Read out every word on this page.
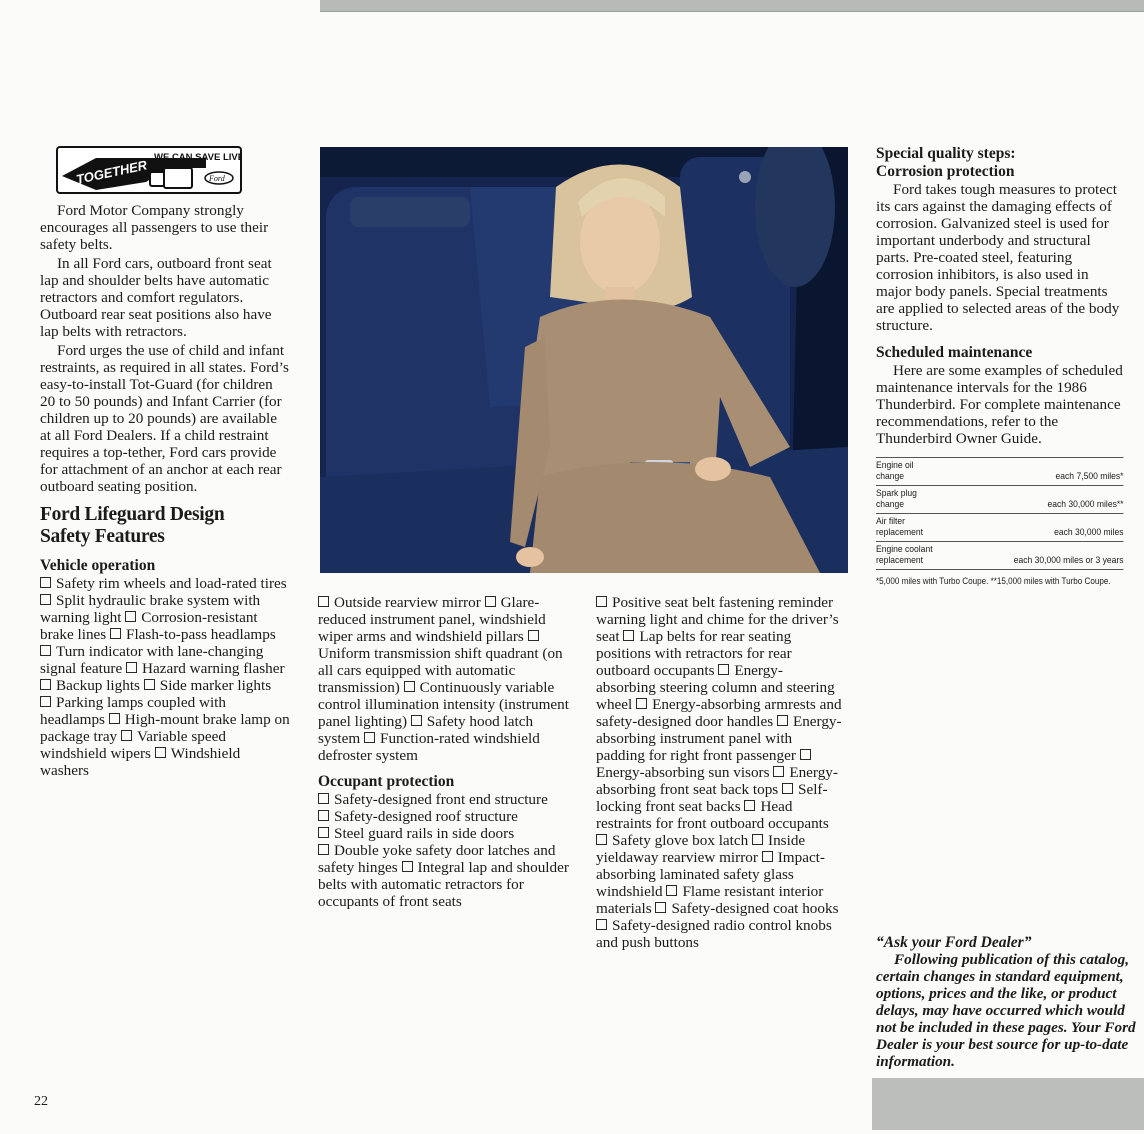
TOGETHER WE CAN SAVE LIVES
Ford

Ford Motor Company strongly encourages all passengers to use their safety belts.

In all Ford cars, outboard front seat lap and shoulder belts have automatic retractors and comfort regulators. Outboard rear seat positions also have lap belts with retractors.

Ford urges the use of child and infant restraints, as required in all states. Ford’s easy-to-install Tot-Guard (for children 20 to 50 pounds) and Infant Carrier (for children up to 20 pounds) are available at all Ford Dealers. If a child restraint requires a top-tether, Ford cars provide for attachment of an anchor at each rear outboard seating position.

Ford Lifeguard Design Safety Features
Vehicle operation
Safety rim wheels and load-rated tires Split hydraulic brake system with warning light Corrosion-resistant brake lines Flash-to-pass headlamps Turn indicator with lane-changing signal feature Hazard warning flasher Backup lights Side marker lights Parking lamps coupled with headlamps High-mount brake lamp on package tray Variable speed windshield wipers Windshield washers
Outside rearview mirror Glare-reduced instrument panel, windshield wiper arms and windshield pillars Uniform transmission shift quadrant (on all cars equipped with automatic transmission) Continuously variable control illumination intensity (instrument panel lighting) Safety hood latch system Function-rated windshield defroster system
Occupant protection
Safety-designed front end structure
Safety-designed roof structure
Steel guard rails in side doors
Double yoke safety door latches and safety hinges Integral lap and shoulder belts with automatic retractors for occupants of front seats
Positive seat belt fastening reminder warning light and chime for the driver’s seat Lap belts for rear seating positions with retractors for rear outboard occupants Energy-absorbing steering column and steering wheel Energy-absorbing armrests and safety-designed door handles Energy-absorbing instrument panel with padding for right front passenger Energy-absorbing sun visors Energy-absorbing front seat back tops Self-locking front seat backs Head restraints for front outboard occupants Safety glove box latch Inside yieldaway rearview mirror Impact-absorbing laminated safety glass windshield Flame resistant interior materials Safety-designed coat hooks Safety-designed radio control knobs and push buttons
Special quality steps: Corrosion protection

Ford takes tough measures to protect its cars against the damaging effects of corrosion. Galvanized steel is used for important underbody and structural parts. Pre-coated steel, featuring corrosion inhibitors, is also used in major body panels. Special treatments are applied to selected areas of the body structure.

Scheduled maintenance

Here are some examples of scheduled maintenance intervals for the 1986 Thunderbird. For complete maintenance recommendations, refer to the Thunderbird Owner Guide.

Engine oil change	each 7,500 miles*
Spark plug change	each 30,000 miles**
Air filter replacement	each 30,000 miles
Engine coolant replacement	each 30,000 miles or 3 years
*5,000 miles with Turbo Coupe. **15,000 miles with Turbo Coupe.
“Ask your Ford Dealer”

Following publication of this catalog, certain changes in standard equipment, options, prices and the like, or product delays, may have occurred which would not be included in these pages. Your Ford Dealer is your best source for up-to-date information.

22
